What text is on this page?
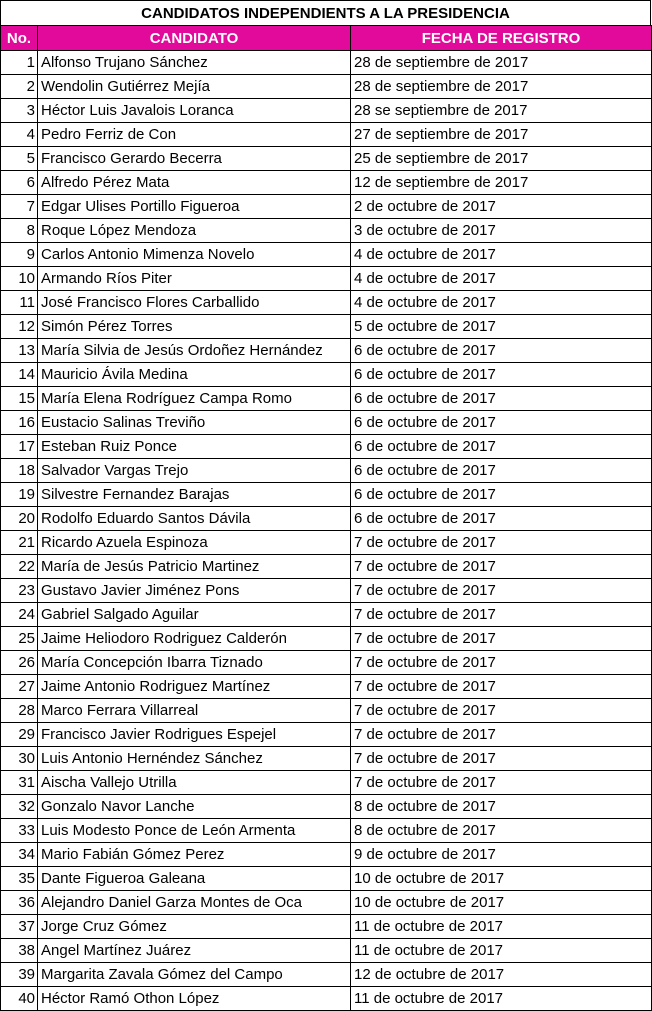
CANDIDATOS INDEPENDIENTS A LA PRESIDENCIA
No.	CANDIDATO	FECHA DE REGISTRO
1	Alfonso Trujano Sánchez	28 de septiembre de 2017
2	Wendolin Gutiérrez Mejía	28 de septiembre de 2017
3	Héctor Luis Javalois Loranca	28 se septiembre de 2017
4	Pedro Ferriz de Con	27 de septiembre de 2017
5	Francisco Gerardo Becerra	25 de septiembre de 2017
6	Alfredo Pérez Mata	12 de septiembre de 2017
7	Edgar Ulises Portillo Figueroa	2 de octubre de 2017
8	Roque López Mendoza	3 de octubre de 2017
9	Carlos Antonio Mimenza Novelo	4 de octubre de 2017
10	Armando Ríos Piter	4 de octubre de 2017
11	José Francisco Flores Carballido	4 de octubre de 2017
12	Simón Pérez Torres	5 de octubre de 2017
13	María Silvia de Jesús Ordoñez Hernández	6 de octubre de 2017
14	Mauricio Ávila Medina	6 de octubre de 2017
15	María Elena Rodríguez Campa Romo	6 de octubre de 2017
16	Eustacio Salinas Treviño	6 de octubre de 2017
17	Esteban Ruiz Ponce	6 de octubre de 2017
18	Salvador Vargas Trejo	6 de octubre de 2017
19	Silvestre Fernandez Barajas	6 de octubre de 2017
20	Rodolfo Eduardo Santos Dávila	6 de octubre de 2017
21	Ricardo Azuela Espinoza	7 de octubre de 2017
22	María de Jesús Patricio Martinez	7 de octubre de 2017
23	Gustavo Javier Jiménez Pons	7 de octubre de 2017
24	Gabriel Salgado Aguilar	7 de octubre de 2017
25	Jaime Heliodoro Rodriguez Calderón	7 de octubre de 2017
26	María Concepción Ibarra Tiznado	7 de octubre de 2017
27	Jaime Antonio Rodriguez Martínez	7 de octubre de 2017
28	Marco Ferrara Villarreal	7 de octubre de 2017
29	Francisco Javier Rodrigues Espejel	7 de octubre de 2017
30	Luis Antonio Hernéndez Sánchez	7 de octubre de 2017
31	Aischa Vallejo Utrilla	7 de octubre de 2017
32	Gonzalo Navor Lanche	8 de octubre de 2017
33	Luis Modesto Ponce de León Armenta	8 de octubre de 2017
34	Mario Fabián Gómez Perez	9 de octubre de 2017
35	Dante Figueroa Galeana	10 de octubre de 2017
36	Alejandro Daniel Garza Montes de Oca	10 de octubre de 2017
37	Jorge Cruz Gómez	11 de octubre de 2017
38	Angel Martínez Juárez	11 de octubre de 2017
39	Margarita Zavala Gómez del Campo	12 de octubre de 2017
40	Héctor Ramó Othon López	11 de octubre de 2017
